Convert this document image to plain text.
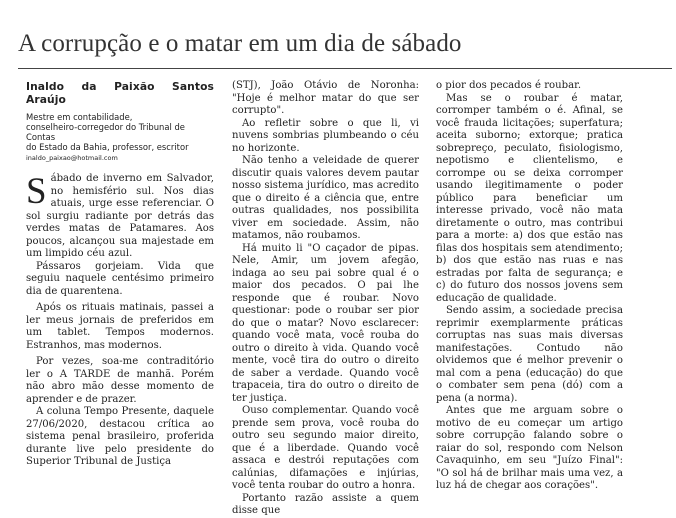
A corrupção e o matar em um dia de sábado
Inaldo da Paixão Santos Araújo
Mestre em contabilidade,
conselheiro-corregedor do Tribunal de Contas
do Estado da Bahia, professor, escritor
inaldo_paixao@hotmail.com
S ábado de inverno em Salvador, no hemisfério sul. Nos dias atuais, urge esse referenciar. O sol surgiu radiante por detrás das verdes matas de Patamares. Aos poucos, alcançou sua majestade em um limpido céu azul.

Pássaros gorjeiam. Vida que seguiu naquele centésimo primeiro dia de quarentena.

Após os rituais matinais, passei a ler meus jornais de preferidos em um tablet. Tempos modernos. Estranhos, mas modernos.

Por vezes, soa-me contraditório ler o A TARDE de manhã. Porém não abro mão desse momento de aprender e de prazer.

A coluna Tempo Presente, daquele 27/06/2020, destacou crítica ao sistema penal brasileiro, proferida durante live pelo presidente do Superior Tribunal de Justiça

(STJ), João Otávio de Noronha: "Hoje é melhor matar do que ser corrupto".

Ao refletir sobre o que li, vi nuvens sombrias plumbeando o céu no horizonte.

Não tenho a veleidade de querer discutir quais valores devem pautar nosso sistema jurídico, mas acredito que o direito é a ciência que, entre outras qualidades, nos possibilita viver em sociedade. Assim, não matamos, não roubamos.

Há muito li "O caçador de pipas. Nele, Amir, um jovem afegão, indaga ao seu pai sobre qual é o maior dos pecados. O pai lhe responde que é roubar. Novo questionar: pode o roubar ser pior do que o matar? Novo esclarecer: quando você mata, você rouba do outro o direito à vida. Quando você mente, você tira do outro o direito de saber a verdade. Quando você trapaceia, tira do outro o direito de ter justiça.

Ouso complementar. Quando você prende sem prova, você rouba do outro seu segundo maior direito, que é a liberdade. Quando você assaca e destrói reputações com calúnias, difamações e injúrias, você tenta roubar do outro a honra.

Portanto razão assiste a quem disse que

o pior dos pecados é roubar.

Mas se o roubar é matar, corromper também o é. Afinal, se você frauda licitações; superfatura; aceita suborno; extorque; pratica sobrepreço, peculato, fisiologismo, nepotismo e clientelismo, e corrompe ou se deixa corromper usando ilegitimamente o poder público para beneficiar um interesse privado, você não mata diretamente o outro, mas contribui para a morte: a) dos que estão nas filas dos hospitais sem atendimento; b) dos que estão nas ruas e nas estradas por falta de segurança; e c) do futuro dos nossos jovens sem educação de qualidade.

Sendo assim, a sociedade precisa reprimir exemplarmente práticas corruptas nas suas mais diversas manifestações. Contudo não olvidemos que é melhor prevenir o mal com a pena (educação) do que o combater sem pena (dó) com a pena (a norma).

Antes que me arguam sobre o motivo de eu começar um artigo sobre corrupção falando sobre o raiar do sol, respondo com Nelson Cavaquinho, em seu "Juízo Final": "O sol há de brilhar mais uma vez, a luz há de chegar aos corações".
